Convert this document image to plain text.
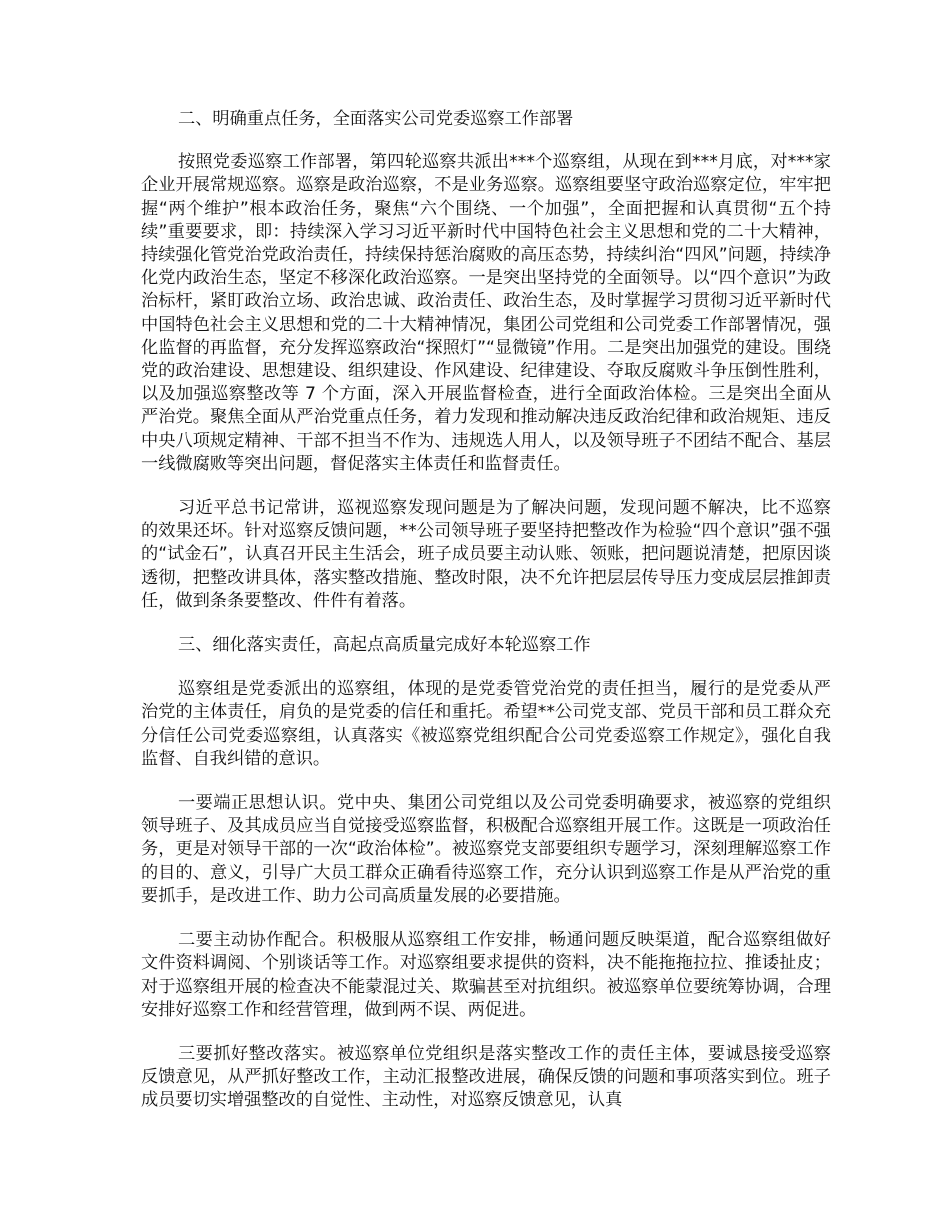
二、明确重点任务，全面落实公司党委巡察工作部署

按照党委巡察工作部署，第四轮巡察共派出***个巡察组，从现在到***月底，对***家企业开展常规巡察。巡察是政治巡察，不是业务巡察。巡察组要坚守政治巡察定位，牢牢把握“两个维护”根本政治任务，聚焦“六个围绕、一个加强”，全面把握和认真贯彻“五个持续”重要要求，即：持续深入学习习近平新时代中国特色社会主义思想和党的二十大精神，持续强化管党治党政治责任，持续保持惩治腐败的高压态势，持续纠治“四风”问题，持续净化党内政治生态，坚定不移深化政治巡察。一是突出坚持党的全面领导。以“四个意识”为政治标杆，紧盯政治立场、政治忠诚、政治责任、政治生态，及时掌握学习贯彻习近平新时代中国特色社会主义思想和党的二十大精神情况，集团公司党组和公司党委工作部署情况，强化监督的再监督，充分发挥巡察政治“探照灯”“显微镜”作用。二是突出加强党的建设。围绕党的政治建设、思想建设、组织建设、作风建设、纪律建设、夺取反腐败斗争压倒性胜利，以及加强巡察整改等 7 个方面，深入开展监督检查，进行全面政治体检。三是突出全面从严治党。聚焦全面从严治党重点任务，着力发现和推动解决违反政治纪律和政治规矩、违反中央八项规定精神、干部不担当不作为、违规选人用人，以及领导班子不团结不配合、基层一线微腐败等突出问题，督促落实主体责任和监督责任。

习近平总书记常讲，巡视巡察发现问题是为了解决问题，发现问题不解决，比不巡察的效果还坏。针对巡察反馈问题，**公司领导班子要坚持把整改作为检验“四个意识”强不强的“试金石”，认真召开民主生活会，班子成员要主动认账、领账，把问题说清楚，把原因谈透彻，把整改讲具体，落实整改措施、整改时限，决不允许把层层传导压力变成层层推卸责任，做到条条要整改、件件有着落。

三、细化落实责任，高起点高质量完成好本轮巡察工作

巡察组是党委派出的巡察组，体现的是党委管党治党的责任担当，履行的是党委从严治党的主体责任，肩负的是党委的信任和重托。希望**公司党支部、党员干部和员工群众充分信任公司党委巡察组，认真落实《被巡察党组织配合公司党委巡察工作规定》，强化自我监督、自我纠错的意识。

一要端正思想认识。党中央、集团公司党组以及公司党委明确要求，被巡察的党组织领导班子、及其成员应当自觉接受巡察监督，积极配合巡察组开展工作。这既是一项政治任务，更是对领导干部的一次“政治体检”。被巡察党支部要组织专题学习，深刻理解巡察工作的目的、意义，引导广大员工群众正确看待巡察工作，充分认识到巡察工作是从严治党的重要抓手，是改进工作、助力公司高质量发展的必要措施。

二要主动协作配合。积极服从巡察组工作安排，畅通问题反映渠道，配合巡察组做好文件资料调阅、个别谈话等工作。对巡察组要求提供的资料，决不能拖拖拉拉、推诿扯皮；对于巡察组开展的检查决不能蒙混过关、欺骗甚至对抗组织。被巡察单位要统筹协调，合理安排好巡察工作和经营管理，做到两不误、两促进。

三要抓好整改落实。被巡察单位党组织是落实整改工作的责任主体，要诚恳接受巡察反馈意见，从严抓好整改工作，主动汇报整改进展，确保反馈的问题和事项落实到位。班子成员要切实增强整改的自觉性、主动性，对巡察反馈意见，认真
